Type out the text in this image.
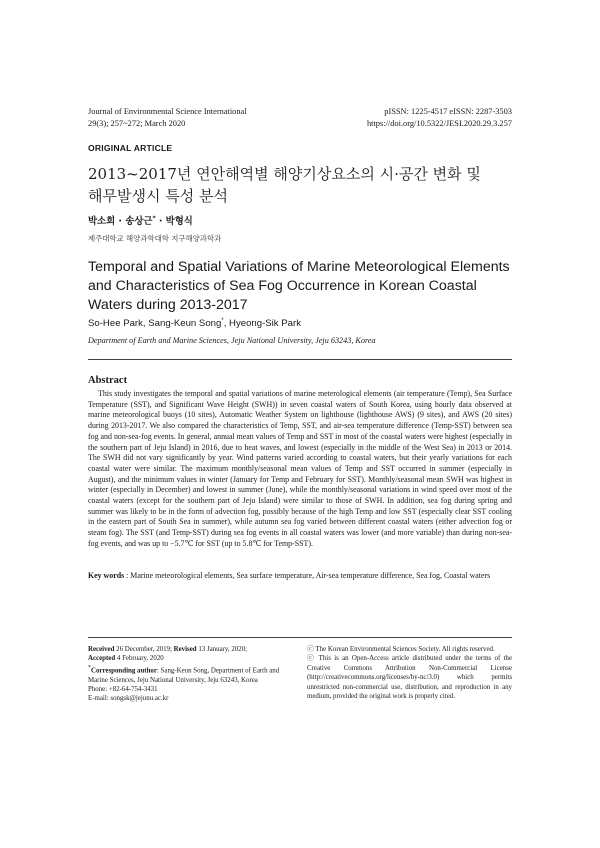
Journal of Environmental Science International
29(3); 257~272; March 2020
pISSN: 1225-4517 eISSN: 2287-3503
https://doi.org/10.5322/JESI.2020.29.3.257
ORIGINAL ARTICLE
2013~2017년 연안해역별 해양기상요소의 시·공간 변화 및
해무발생시 특성 분석
박소희 · 송상근* · 박형식
제주대학교 해양과학대학 지구해양과학과
Temporal and Spatial Variations of Marine Meteorological Elements
and Characteristics of Sea Fog Occurrence in Korean Coastal
Waters during 2013-2017
So-Hee Park, Sang-Keun Song*, Hyeong-Sik Park
Department of Earth and Marine Sciences, Jeju National University, Jeju 63243, Korea
Abstract
This study investigates the temporal and spatial variations of marine meterological elements (air temperature (Temp), Sea Surface Temperature (SST), and Significant Wave Height (SWH)) in seven coastal waters of South Korea, using hourly data observed at marine meteorological buoys (10 sites), Automatic Weather System on lighthouse (lighthouse AWS) (9 sites), and AWS (20 sites) during 2013-2017. We also compared the characteristics of Temp, SST, and air-sea temperature difference (Temp-SST) between sea fog and non-sea-fog events. In general, annual mean values of Temp and SST in most of the coastal waters were highest (especially in the southern part of Jeju Island) in 2016, due to heat waves, and lowest (especially in the middle of the West Sea) in 2013 or 2014. The SWH did not vary significantly by year. Wind patterns varied according to coastal waters, but their yearly variations for each coastal water were similar. The maximum monthly/seasonal mean values of Temp and SST occurred in summer (especially in August), and the minimum values in winter (January for Temp and February for SST). Monthly/seasonal mean SWH was highest in winter (especially in December) and lowest in summer (June), while the monthly/seasonal variations in wind speed over most of the coastal waters (except for the southern part of Jeju Island) were similar to those of SWH. In addition, sea fog during spring and summer was likely to be in the form of advection fog, possibly because of the high Temp and low SST (especially clear SST cooling in the eastern part of South Sea in summer), while autumn sea fog varied between different coastal waters (either advection fog or steam fog). The SST (and Temp-SST) during sea fog events in all coastal waters was lower (and more variable) than during non-sea-fog events, and was up to −5.7℃ for SST (up to 5.8℃ for Temp-SST).
Key words : Marine meteorological elements, Sea surface temperature, Air-sea temperature difference, Sea fog, Coastal waters
Received 26 December, 2019; Revised 13 January, 2020;
Accepted 4 February, 2020
*Corresponding author: Sang-Keun Song, Department of Earth and Marine Sciences, Jeju National University, Jeju 63243, Korea
Phone: +82-64-754-3431
E-mail: songsk@jejunu.ac.kr
ⓒ The Korean Environmental Sciences Society. All rights reserved.
ⓒ This is an Open-Access article distributed under the terms of the Creative Commons Attribution Non-Commercial License (http://creativecommons.org/licenses/by-nc/3.0) which permits unrestricted non-commercial use, distribution, and reproduction in any medium, provided the original work is properly cited.
